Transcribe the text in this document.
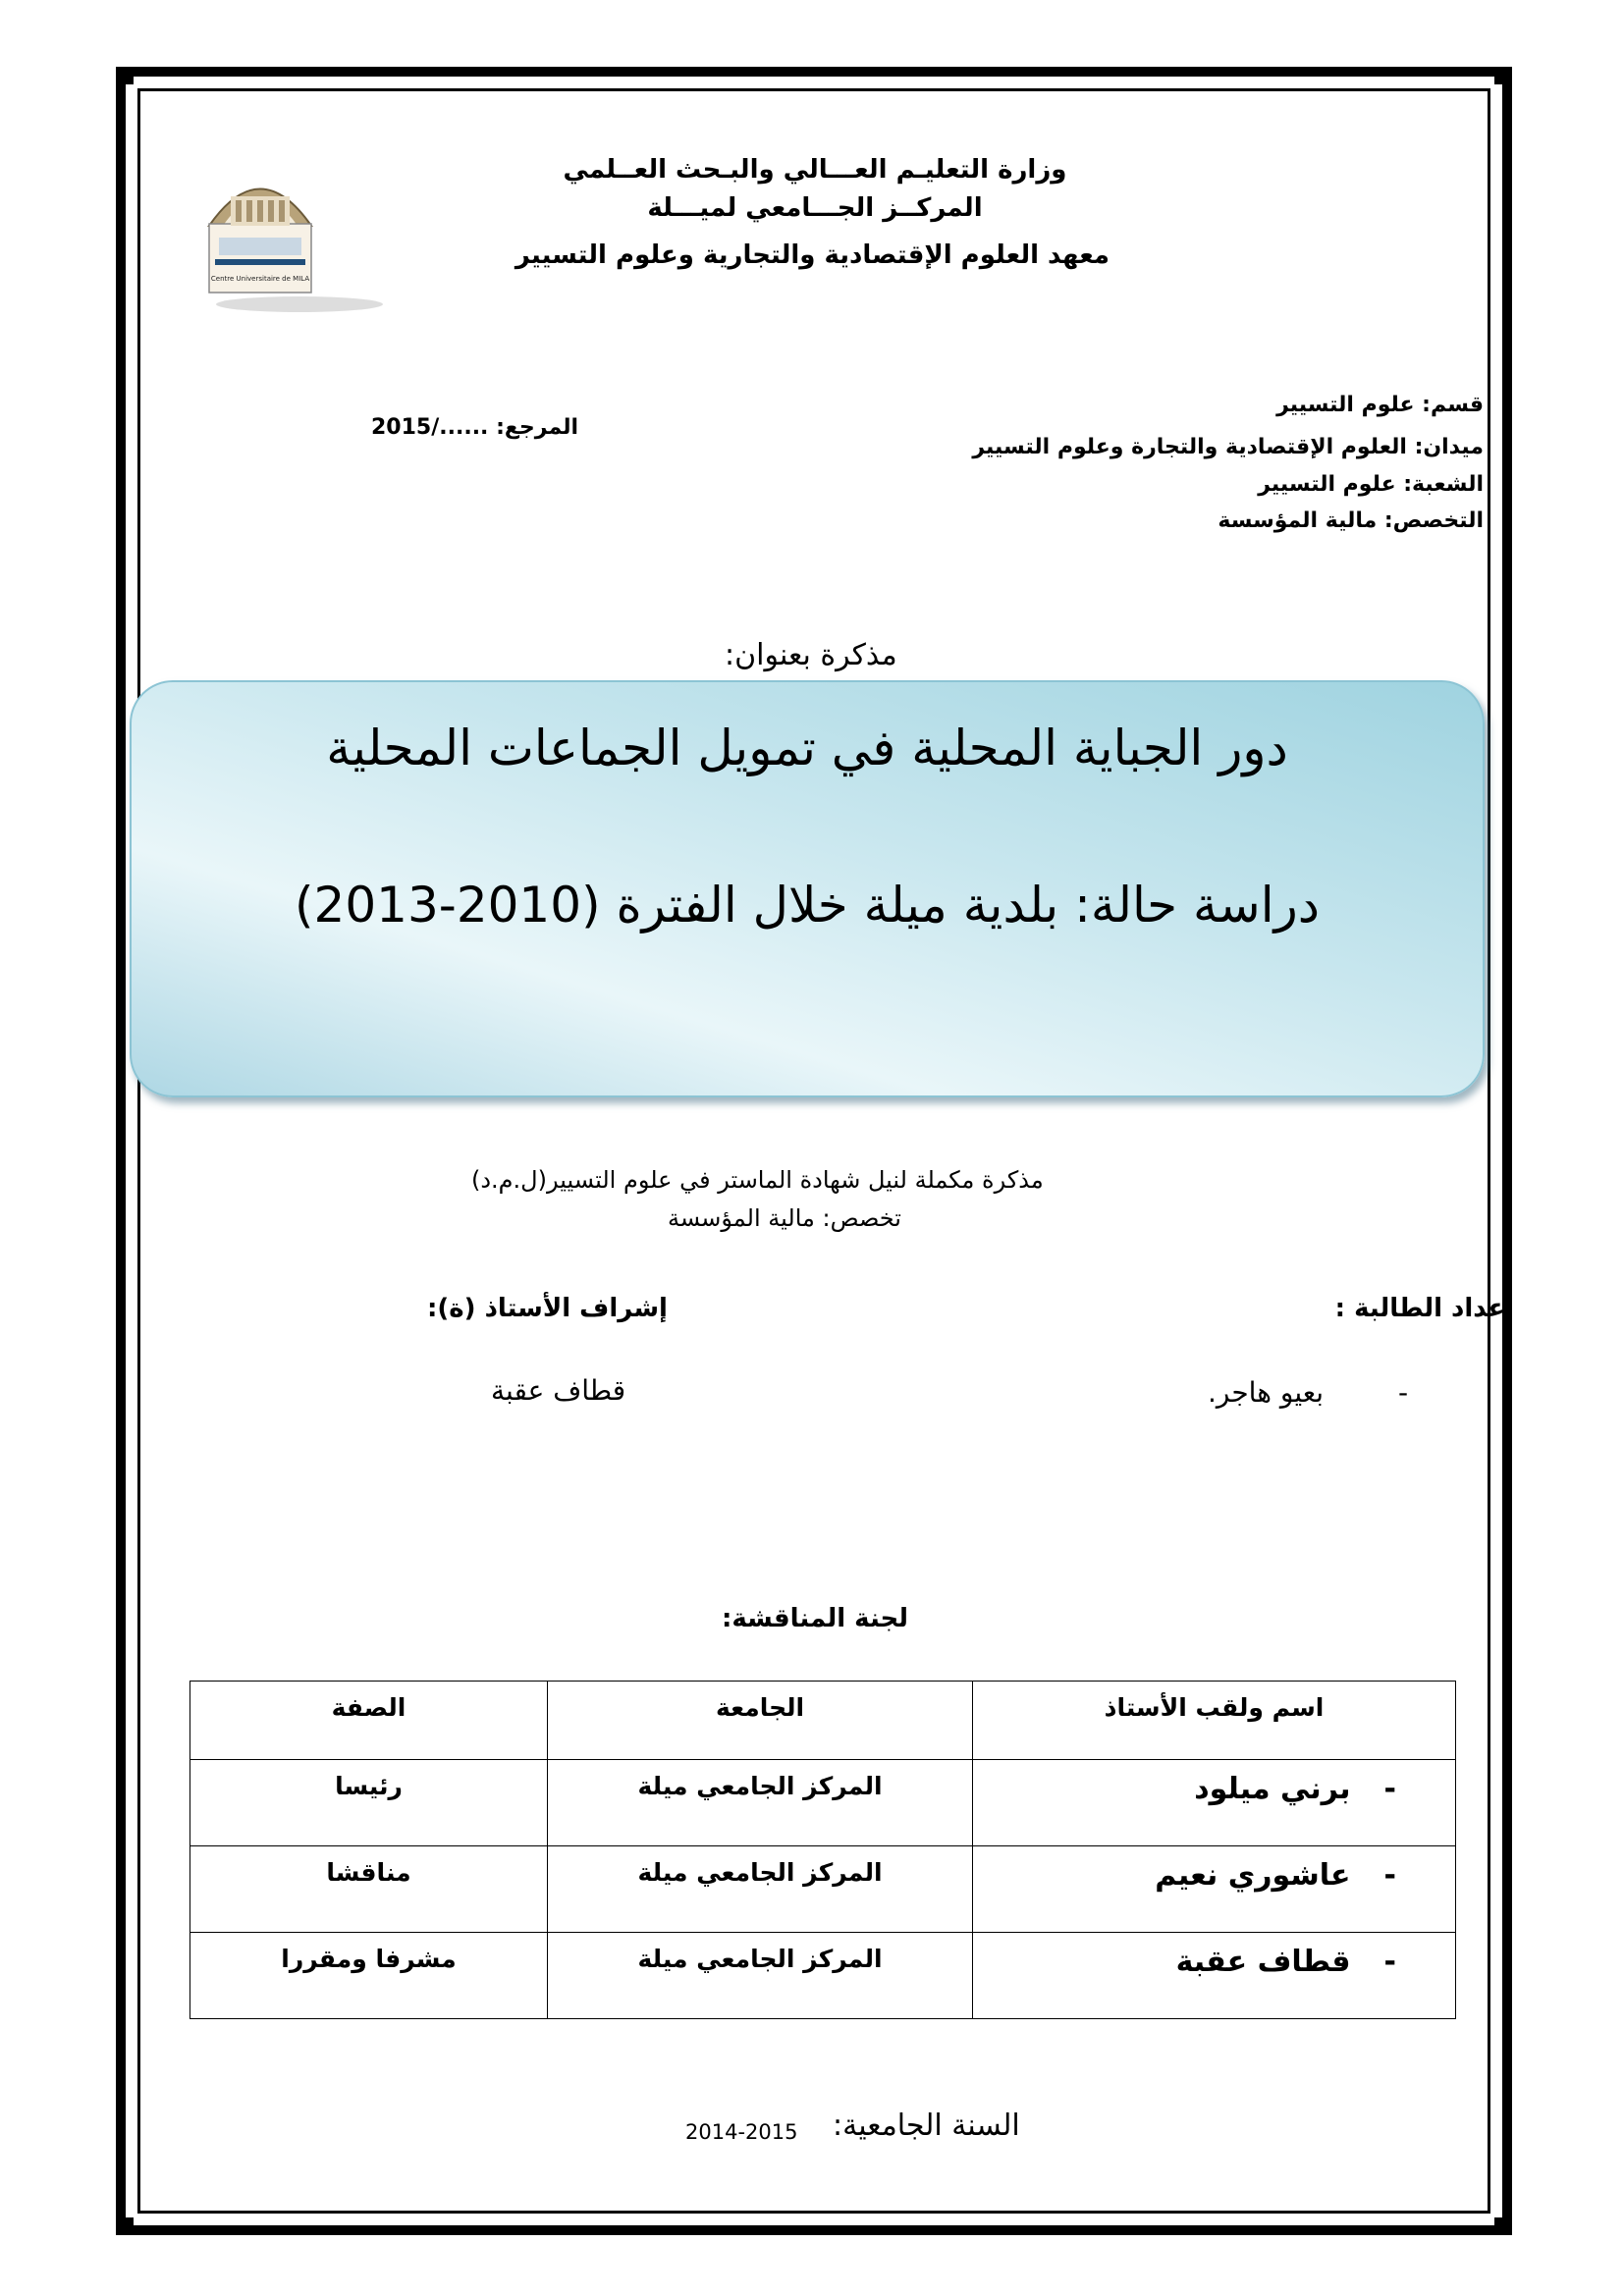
Centre Universitaire de MILA
وزارة التعليـم العـــالي والبـحث العــلمي
المركــز الجـــامعي لميـــلة
معهد العلوم الإقتصادية والتجارية وعلوم التسيير
قسم: علوم التسيير
ميدان: العلوم الإقتصادية والتجارة وعلوم التسيير
الشعبة: علوم التسيير
التخصص: مالية المؤسسة
المرجع: ....../2015
مذكرة بعنوان:
دور الجباية المحلية في تمويل الجماعات المحلية
دراسة حالة: بلدية ميلة خلال الفترة (2010-2013)
مذكرة مكملة لنيل شهادة الماستر في علوم التسيير(ل.م.د)
تخصص: مالية المؤسسة
إعداد الطالبة :
-
بعيو هاجر.
إشراف الأستاذ (ة):
قطاف عقبة
لجنة المناقشة:
اسم ولقب الأستاذ	الجامعة	الصفة
-برني ميلود	المركز الجامعي ميلة	رئيسا
-عاشوري نعيم	المركز الجامعي ميلة	مناقشا
-قطاف عقبة	المركز الجامعي ميلة	مشرفا ومقررا
السنة الجامعية:
2014-2015
